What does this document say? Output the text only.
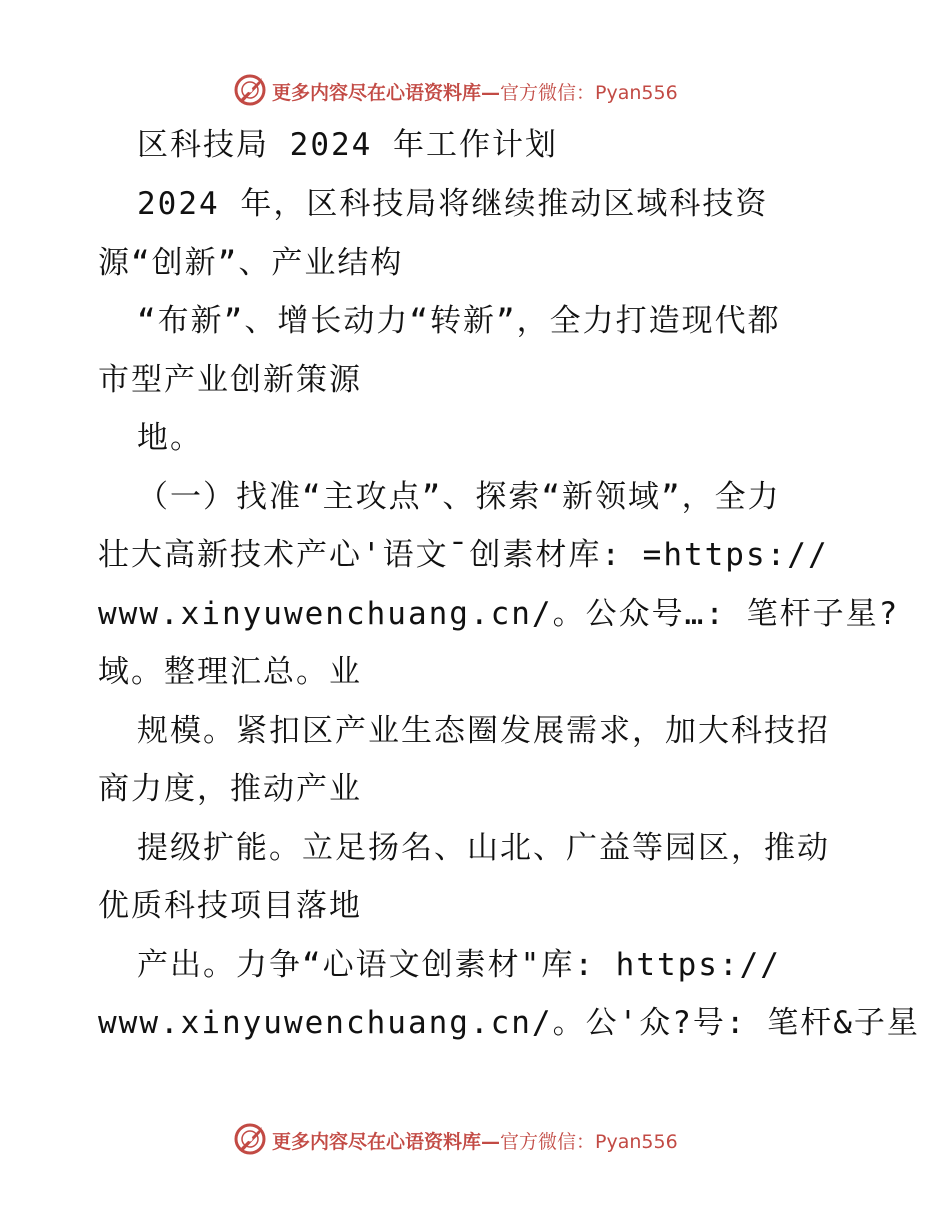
更多内容尽在心语资料库—官方微信：Pyan556
区科技局 2024 年工作计划
2024 年，区科技局将继续推动区域科技资
源“创新”、产业结构
“布新”、增长动力“转新”，全力打造现代都
市型产业创新策源
地。
（一）找准“主攻点”、探索“新领域”，全力
壮大高新技术产心'语文¯创素材库: =https://
www.xinyuwenchuang.cn/。公众号…: 笔杆子星?
域。整理汇总。业
规模。紧扣区产业生态圈发展需求，加大科技招
商力度，推动产业
提级扩能。立足扬名、山北、广益等园区，推动
优质科技项目落地
产出。力争“心语文创素材"库: https://
www.xinyuwenchuang.cn/。公'众?号: 笔杆&子星
更多内容尽在心语资料库—官方微信：Pyan556
